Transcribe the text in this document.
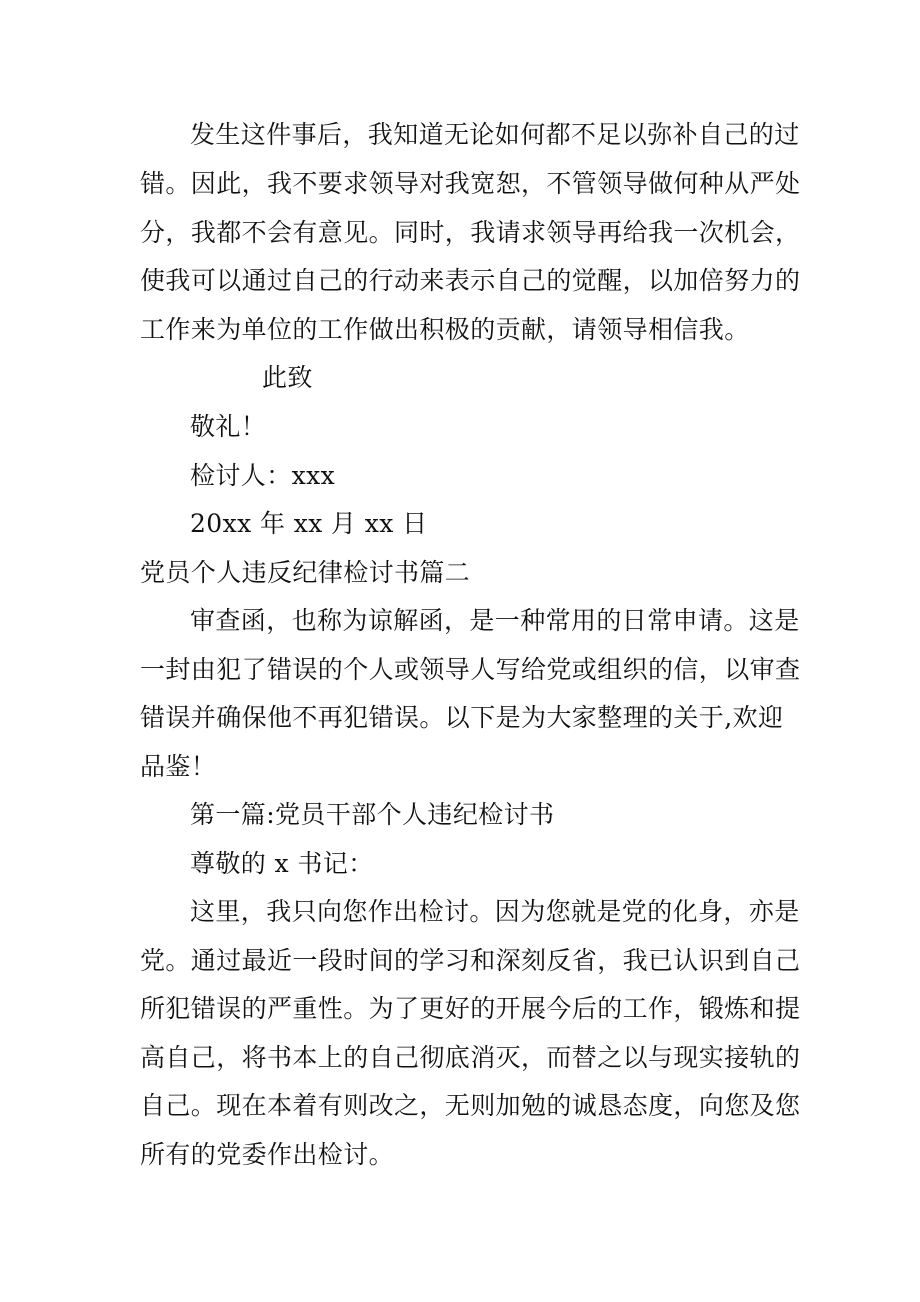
发生这件事后，我知道无论如何都不足以弥补自己的过
错。因此，我不要求领导对我宽恕，不管领导做何种从严处
分，我都不会有意见。同时，我请求领导再给我一次机会，
使我可以通过自己的行动来表示自己的觉醒，以加倍努力的
工作来为单位的工作做出积极的贡献，请领导相信我。
此致
敬礼！
检讨人：xxx
20xx 年 xx 月 xx 日
党员个人违反纪律检讨书篇二
审查函，也称为谅解函，是一种常用的日常申请。这是
一封由犯了错误的个人或领导人写给党或组织的信，以审查
错误并确保他不再犯错误。以下是为大家整理的关于,欢迎
品鉴！
第一篇:党员干部个人违纪检讨书
尊敬的 x 书记：
这里，我只向您作出检讨。因为您就是党的化身，亦是
党。通过最近一段时间的学习和深刻反省，我已认识到自己
所犯错误的严重性。为了更好的开展今后的工作，锻炼和提
高自己，将书本上的自己彻底消灭，而替之以与现实接轨的
自己。现在本着有则改之，无则加勉的诚恳态度，向您及您
所有的党委作出检讨。
